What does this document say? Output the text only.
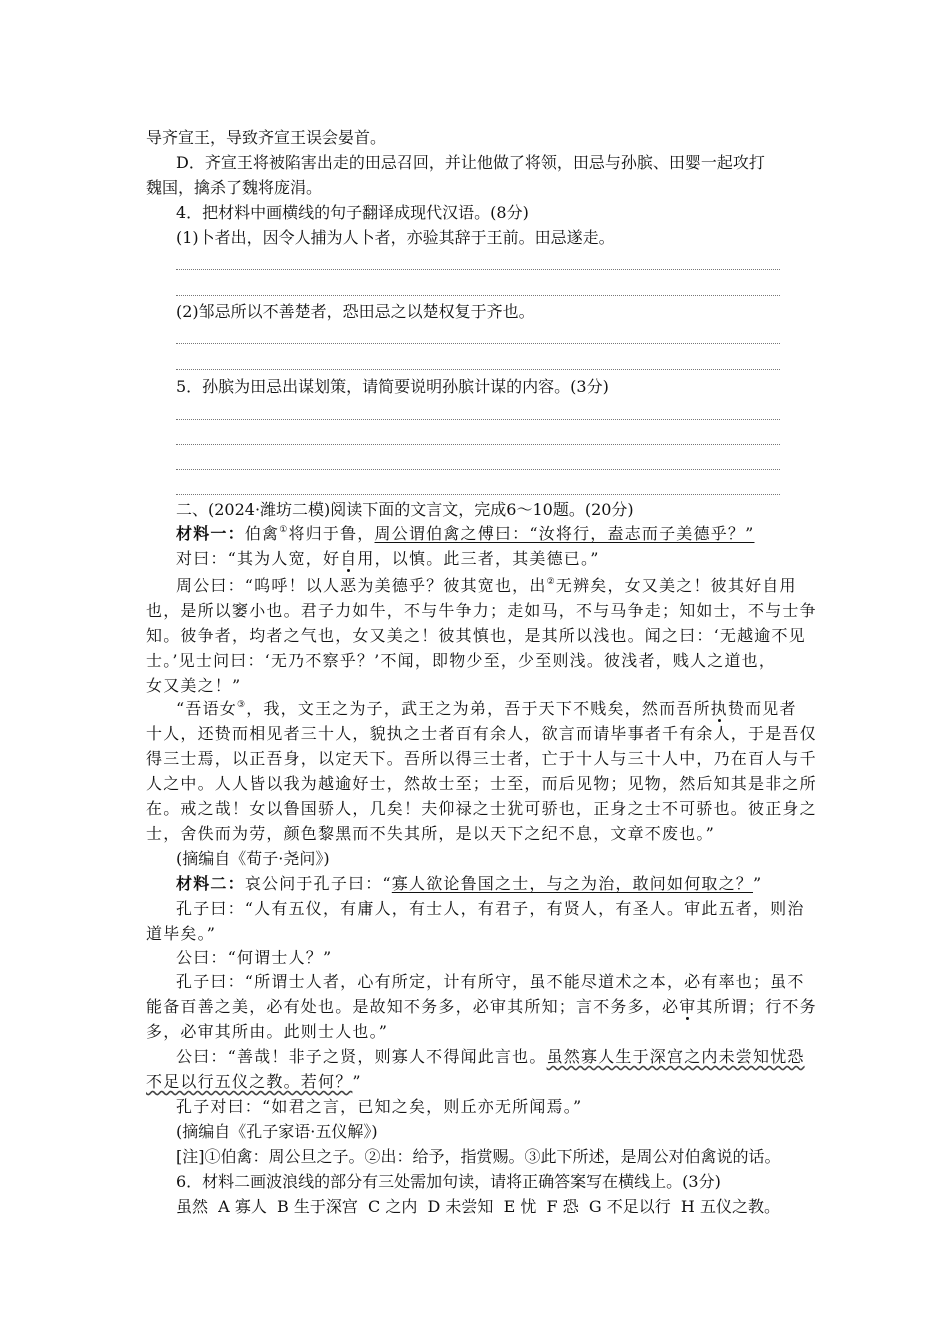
导齐宣王，导致齐宣王误会晏首。
D．齐宣王将被陷害出走的田忌召回，并让他做了将领，田忌与孙膑、田婴一起攻打
魏国，擒杀了魏将庞涓。
4．把材料中画横线的句子翻译成现代汉语。(8分)
(1)卜者出，因令人捕为人卜者，亦验其辞于王前。田忌遂走。
(2)邹忌所以不善楚者，恐田忌之以楚权复于齐也。
5．孙膑为田忌出谋划策，请简要说明孙膑计谋的内容。(3分)
二、(2024·潍坊二模)阅读下面的文言文，完成6～10题。(20分)
材料一：伯禽①将归于鲁，周公谓伯禽之傅曰：“汝将行，盍志而子美德乎？”
对曰：“其为人宽，好自用，以慎。此三者，其美德已。”
周公曰：“呜呼！以人恶为美德乎？彼其宽也，出②无辨矣，女又美之！彼其好自用
也，是所以窭小也。君子力如牛，不与牛争力；走如马，不与马争走；知如士，不与士争
知。彼争者，均者之气也，女又美之！彼其慎也，是其所以浅也。闻之曰：‘无越逾不见
士。’见士问曰：‘无乃不察乎？’不闻，即物少至，少至则浅。彼浅者，贱人之道也，
女又美之！”
“吾语女③，我，文王之为子，武王之为弟，吾于天下不贱矣，然而吾所执贽而见者
十人，还贽而相见者三十人，貌执之士者百有余人，欲言而请毕事者千有余人，于是吾仅
得三士焉，以正吾身，以定天下。吾所以得三士者，亡于十人与三十人中，乃在百人与千
人之中。人人皆以我为越逾好士，然故士至；士至，而后见物；见物，然后知其是非之所
在。戒之哉！女以鲁国骄人，几矣！夫仰禄之士犹可骄也，正身之士不可骄也。彼正身之
士，舍佚而为劳，颜色黎黑而不失其所，是以天下之纪不息，文章不废也。”
(摘编自《荀子·尧问》)
材料二：哀公问于孔子曰：“寡人欲论鲁国之士，与之为治，敢问如何取之？”
孔子曰：“人有五仪，有庸人，有士人，有君子，有贤人，有圣人。审此五者，则治
道毕矣。”
公曰：“何谓士人？”
孔子曰：“所谓士人者，心有所定，计有所守，虽不能尽道术之本，必有率也；虽不
能备百善之美，必有处也。是故知不务多，必审其所知；言不务多，必审其所谓；行不务
多，必审其所由。此则士人也。”
公曰：“善哉！非子之贤，则寡人不得闻此言也。虽然寡人生于深宫之内未尝知忧恐
不足以行五仪之教。若何？”
孔子对曰：“如君之言，已知之矣，则丘亦无所闻焉。”
(摘编自《孔子家语·五仪解》)
[注]①伯禽：周公旦之子。②出：给予，指赏赐。③此下所述，是周公对伯禽说的话。
6．材料二画波浪线的部分有三处需加句读，请将正确答案写在横线上。(3分)
虽然  A 寡人  B 生于深宫  C 之内  D 未尝知  E 忧  F 恐  G 不足以行  H 五仪之教。
